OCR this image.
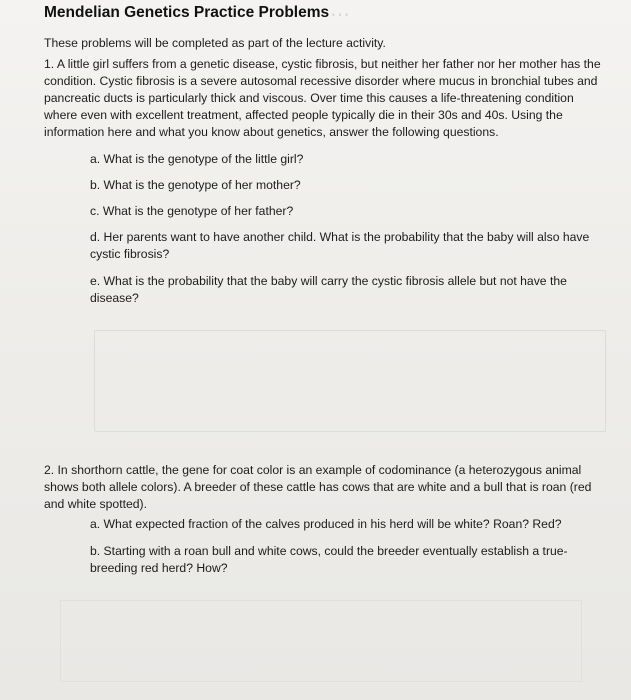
⋯
Mendelian Genetics Practice Problems
These problems will be completed as part of the lecture activity.
1. A little girl suffers from a genetic disease, cystic fibrosis, but neither her father nor her mother has the condition. Cystic fibrosis is a severe autosomal recessive disorder where mucus in bronchial tubes and pancreatic ducts is particularly thick and viscous. Over time this causes a life-threatening condition where even with excellent treatment, affected people typically die in their 30s and 40s. Using the information here and what you know about genetics, answer the following questions.
a. What is the genotype of the little girl?
b. What is the genotype of her mother?
c. What is the genotype of her father?
d. Her parents want to have another child. What is the probability that the baby will also have cystic fibrosis?
e. What is the probability that the baby will carry the cystic fibrosis allele but not have the disease?
2. In shorthorn cattle, the gene for coat color is an example of codominance (a heterozygous animal shows both allele colors). A breeder of these cattle has cows that are white and a bull that is roan (red and white spotted).
a. What expected fraction of the calves produced in his herd will be white? Roan? Red?
b. Starting with a roan bull and white cows, could the breeder eventually establish a true-breeding red herd? How?
